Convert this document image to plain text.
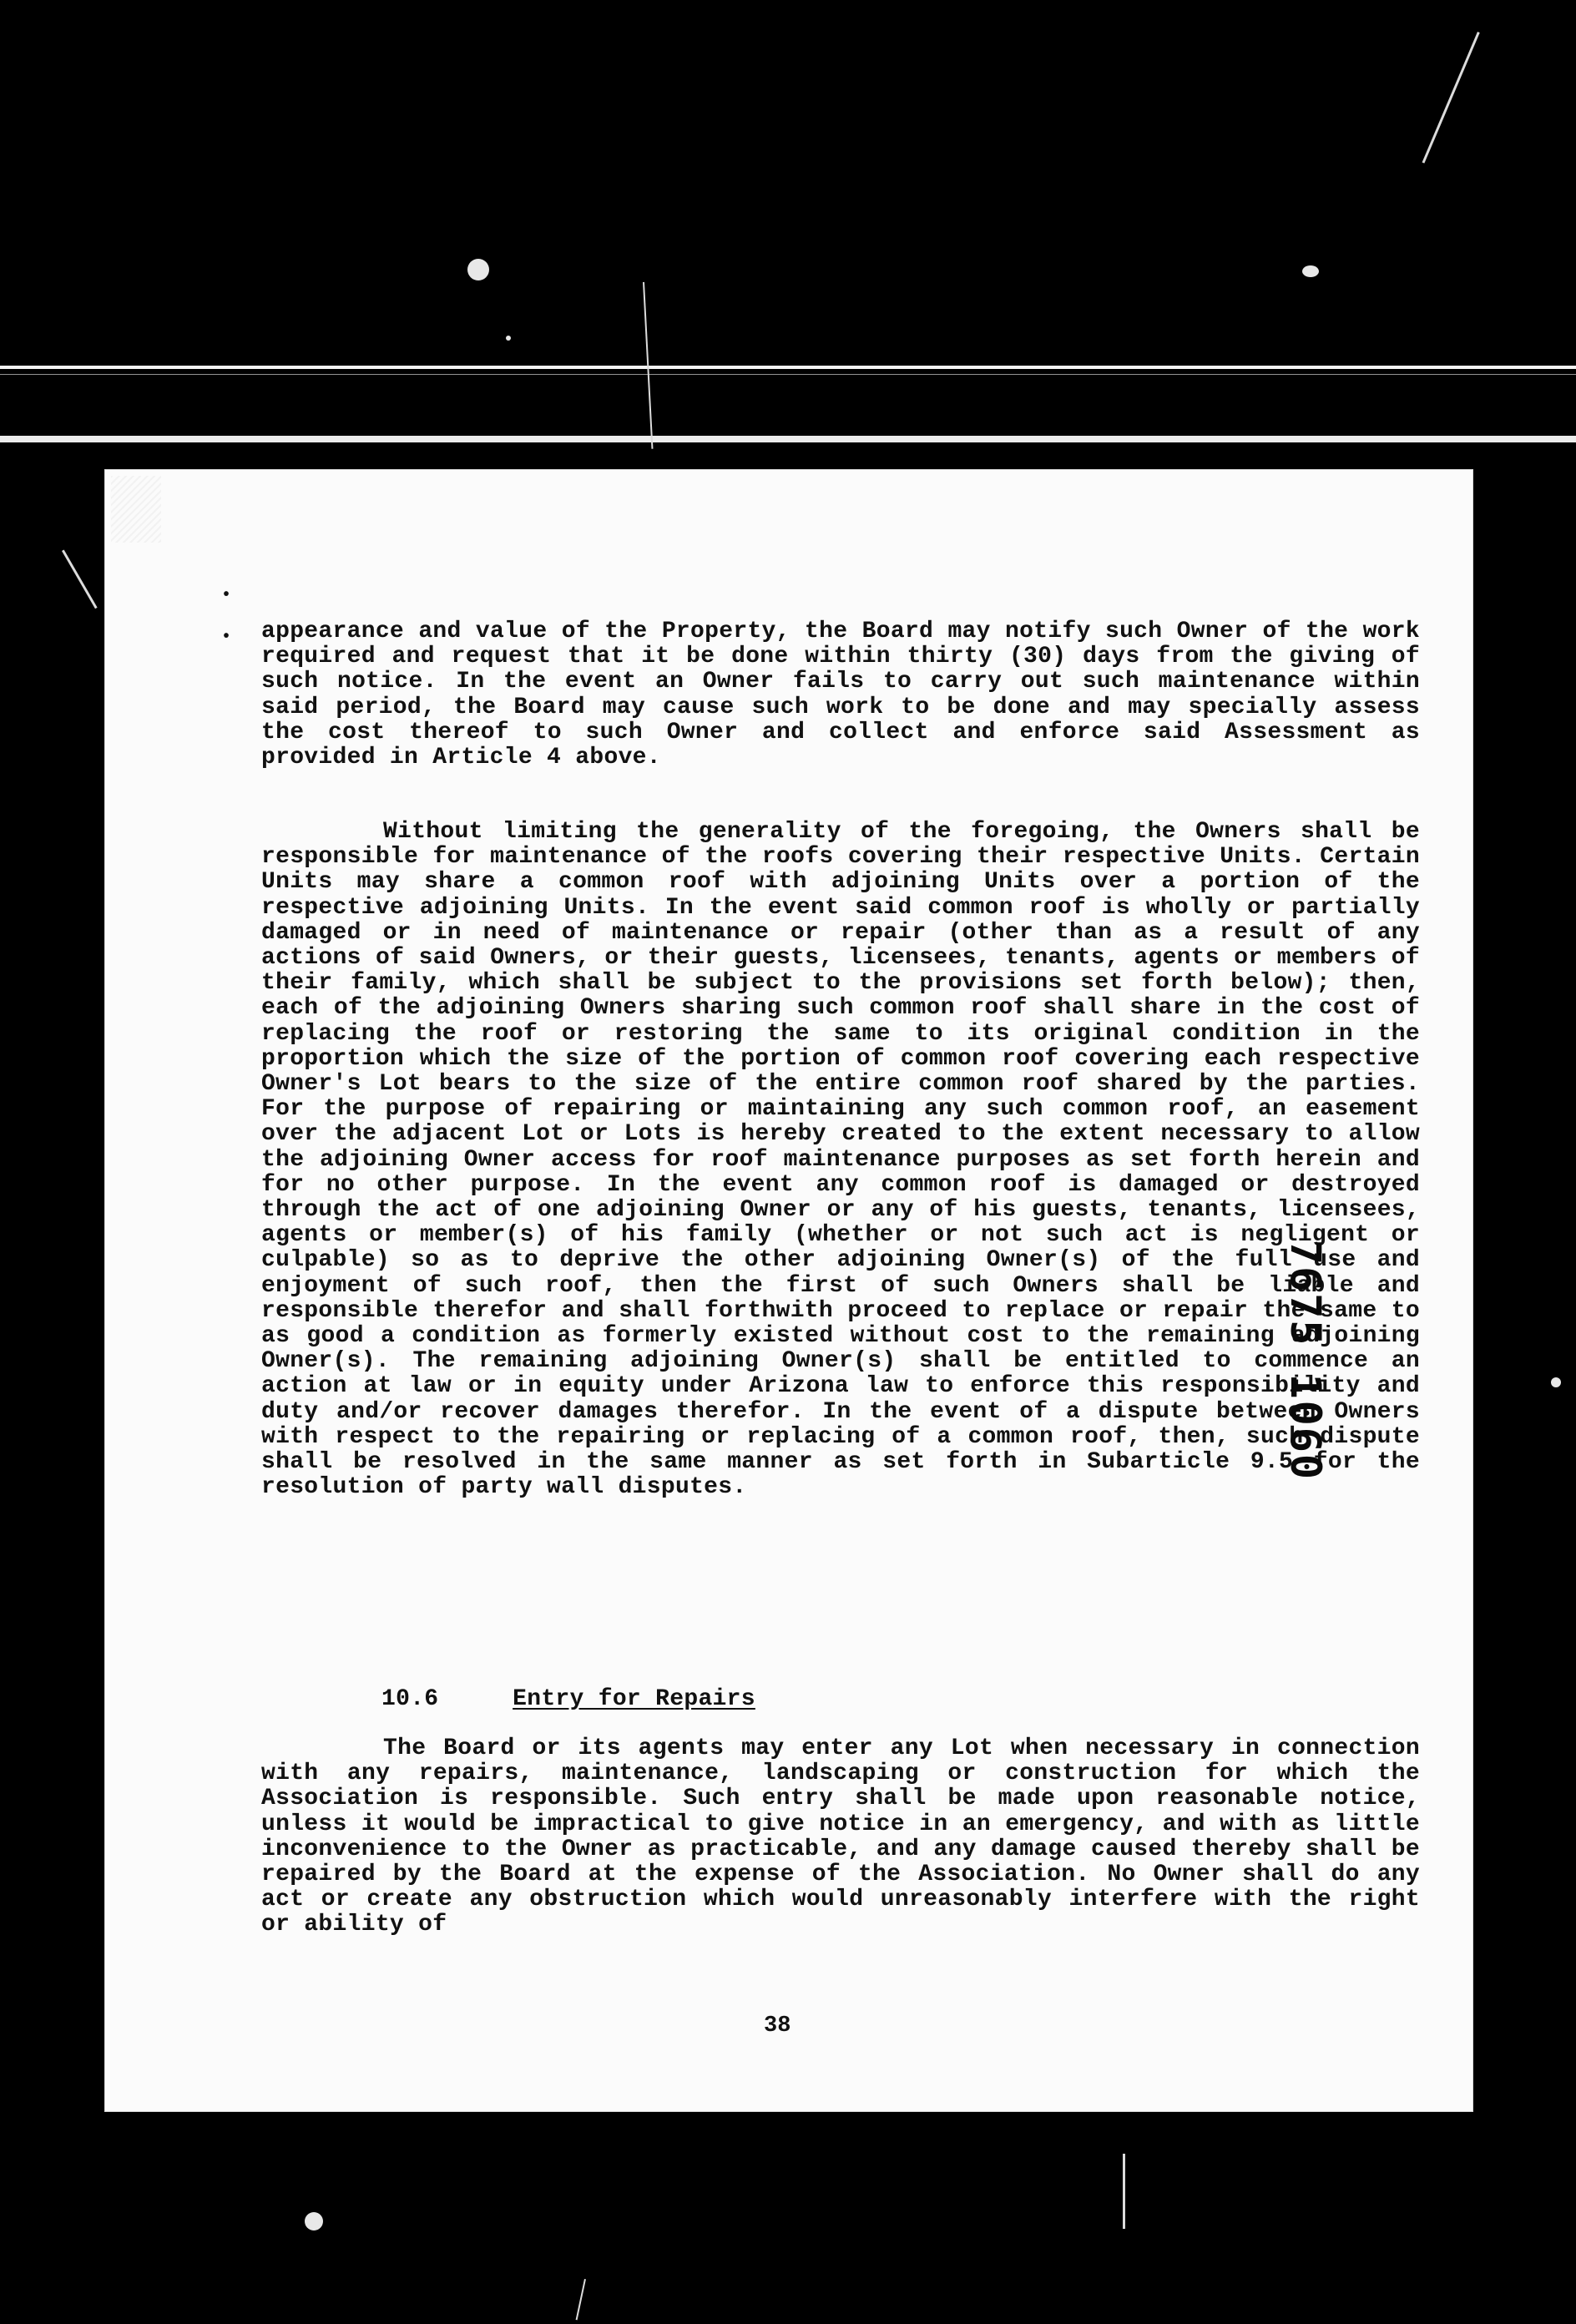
•
• appearance and value of the Property, the Board may notify such Owner of the work required and request that it be done within thirty (30) days from the giving of such notice. In the event an Owner fails to carry out such maintenance within said period, the Board may cause such work to be done and may specially assess the cost thereof to such Owner and collect and enforce said Assessment as provided in Article 4 above.

Without limiting the generality of the foregoing, the Owners shall be responsible for maintenance of the roofs covering their respective Units. Certain Units may share a common roof with adjoining Units over a portion of the respective adjoining Units. In the event said common roof is wholly or partially damaged or in need of maintenance or repair (other than as a result of any actions of said Owners, or their guests, licensees, tenants, agents or members of their family, which shall be subject to the provisions set forth below); then, each of the adjoining Owners sharing such common roof shall share in the cost of replacing the roof or restoring the same to its original condition in the proportion which the size of the portion of common roof covering each respective Owner's Lot bears to the size of the entire common roof shared by the parties. For the purpose of repairing or maintaining any such common roof, an easement over the adjacent Lot or Lots is hereby created to the extent necessary to allow the adjoining Owner access for roof maintenance purposes as set forth herein and for no other purpose. In the event any common roof is damaged or destroyed through the act of one adjoining Owner or any of his guests, tenants, licensees, agents or member(s) of his family (whether or not such act is negligent or culpable) so as to deprive the other adjoining Owner(s) of the full use and enjoyment of such roof, then the first of such Owners shall be liable and responsible therefor and shall forthwith proceed to replace or repair the same to as good a condition as formerly existed without cost to the remaining adjoining Owner(s). The remaining adjoining Owner(s) shall be entitled to commence an action at law or in equity under Arizona law to enforce this responsibility and duty and/or recover damages therefor. In the event of a dispute between Owners with respect to the repairing or replacing of a common roof, then, such dispute shall be resolved in the same manner as set forth in Subarticle 9.5 for the resolution of party wall disputes.

10.6	Entry for Repairs

The Board or its agents may enter any Lot when necessary in connection with any repairs, maintenance, landscaping or construction for which the Association is responsible. Such entry shall be made upon reasonable notice, unless it would be impractical to give notice in an emergency, and with as little inconvenience to the Owner as practicable, and any damage caused thereby shall be repaired by the Board at the expense of the Association. No Owner shall do any act or create any obstruction which would unreasonably interfere with the right or ability of

38
7675 1060
